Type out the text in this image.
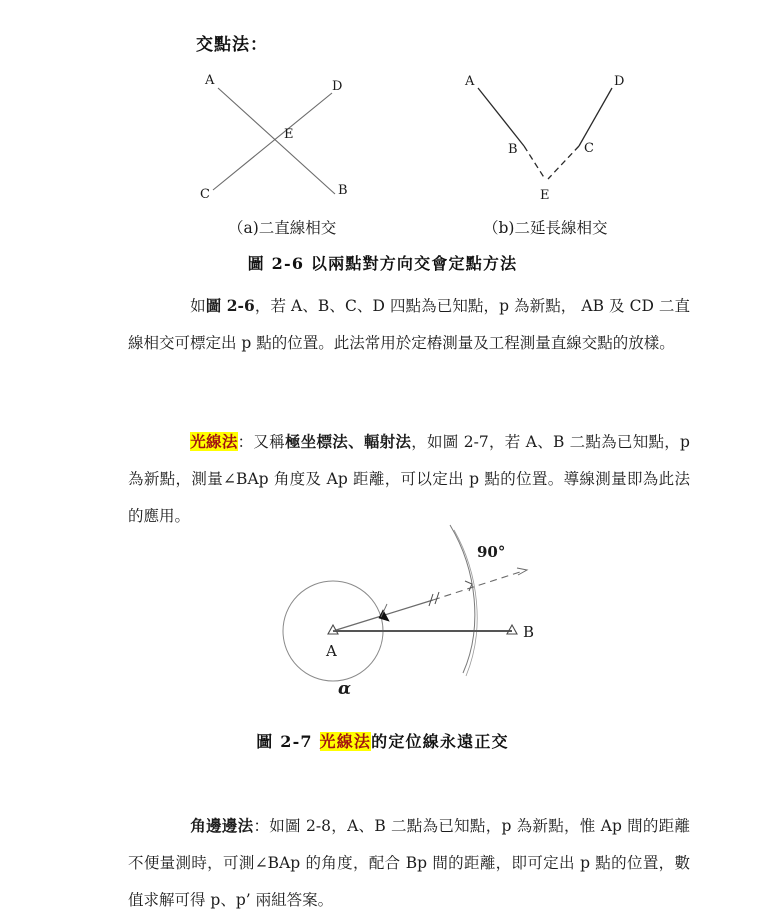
交點法：
A
B
C
D
E
A
B	C
D
E
（a)二直線相交	（b)二延長線相交
圖 2-6 以兩點對方向交會定點方法
如圖 2-6，若 A、B、C、D 四點為已知點，p 為新點， AB 及 CD 二直線相交可標定出 p 點的位置。此法常用於定樁測量及工程測量直線交點的放樣。
光線法：又稱極坐標法、輻射法，如圖 2-7，若 A、B 二點為已知點，p 為新點，測量∠BAp 角度及 Ap 距離，可以定出 p 點的位置。導線測量即為此法的應用。
A
B
α
90°
圖 2-7 光線法的定位線永遠正交
角邊邊法：如圖 2-8，A、B 二點為已知點，p 為新點，惟 Ap 間的距離不便量測時，可測∠BAp 的角度，配合 Bp 間的距離，即可定出 p 點的位置，數值求解可得 p、p’ 兩組答案。
